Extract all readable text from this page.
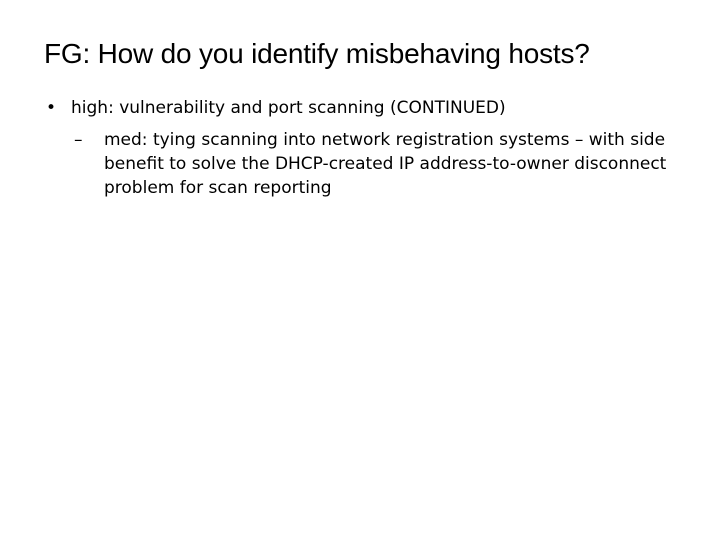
FG: How do you identify misbehaving hosts?
• high: vulnerability and port scanning (CONTINUED)
–	med: tying scanning into network registration systems – with side benefit to solve the DHCP-created IP address-to-owner disconnect problem for scan reporting
